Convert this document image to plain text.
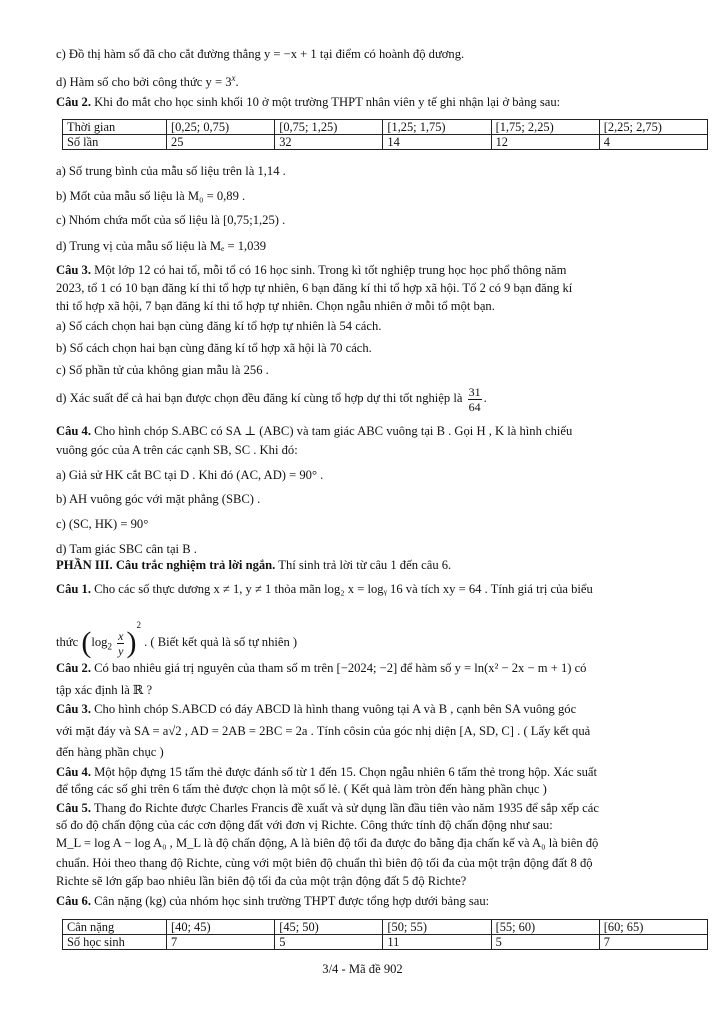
c) Đồ thị hàm số đã cho cắt đường thẳng y = −x + 1 tại điểm có hoành độ dương.
d) Hàm số cho bởi công thức $y = 3^x$.
Câu 2. Khi đo mắt cho học sinh khối 10 ở một trường THPT nhân viên y tế ghi nhận lại ở bảng sau:
Thời gian	[0,25; 0,75)	[0,75; 1,25)	[1,25; 1,75)	[1,75; 2,25)	[2,25; 2,75)
Số lần	25	32	14	12	4
a) Số trung bình của mẫu số liệu trên là 1,14 .
b) Mốt của mẫu số liệu là M₀ = 0,89 .
c) Nhóm chứa mốt của số liệu là [0,75;1,25) .
d) Trung vị của mẫu số liệu là Mₑ = 1,039
Câu 3. Một lớp 12 có hai tổ, mỗi tổ có 16 học sinh. Trong kì tốt nghiệp trung học học phổ thông năm
2023, tổ 1 có 10 bạn đăng kí thi tổ hợp tự nhiên, 6 bạn đăng kí thi tổ hợp xã hội. Tổ 2 có 9 bạn đăng kí
thi tổ hợp xã hội, 7 bạn đăng kí thi tổ hợp tự nhiên. Chọn ngẫu nhiên ở mỗi tổ một bạn.
a) Số cách chọn hai bạn cùng đăng kí tổ hợp tự nhiên là 54 cách.
b) Số cách chọn hai bạn cùng đăng kí tổ hợp xã hội là 70 cách.
c) Số phần tử của không gian mẫu là 256 .
d) Xác suất để cả hai bạn được chọn đều đăng kí cùng tổ hợp dự thi tốt nghiệp là $\frac{31}{64}$ .
Câu 4. Cho hình chóp S.ABC có SA ⊥ (ABC) và tam giác ABC vuông tại B . Gọi H , K là hình chiếu
vuông góc của A trên các cạnh SB, SC . Khi đó:
a) Giả sử HK cắt BC tại D . Khi đó (AC, AD) = 90° .
b) AH vuông góc với mặt phẳng (SBC) .
c) (SC, HK) = 90°
d) Tam giác SBC cân tại B .
PHẦN III. Câu trắc nghiệm trả lời ngắn. Thí sinh trả lời từ câu 1 đến câu 6.
Câu 1. Cho các số thực dương x ≠ 1, y ≠ 1 thỏa mãn log₂ x = logᵧ 16 và tích xy = 64 . Tính giá trị của biểu
thức $(\log_2 \frac{x}{y} )^2$ . ( Biết kết quả là số tự nhiên )
Câu 2. Có bao nhiêu giá trị nguyên của tham số m trên [−2024; −2] để hàm số y = ln(x² − 2x − m + 1) có
tập xác định là ℝ ?
Câu 3. Cho hình chóp S.ABCD có đáy ABCD là hình thang vuông tại A và B , cạnh bên SA vuông góc
với mặt đáy và SA = a√2 , AD = 2AB = 2BC = 2a . Tính côsin của góc nhị diện [A, SD, C] . ( Lấy kết quả
đến hàng phần chục )
Câu 4. Một hộp đựng 15 tấm thẻ được đánh số từ 1 đến 15. Chọn ngẫu nhiên 6 tấm thẻ trong hộp. Xác suất
để tổng các số ghi trên 6 tấm thẻ được chọn là một số lẻ. ( Kết quả làm tròn đến hàng phần chục )
Câu 5. Thang đo Richte được Charles Francis đề xuất và sử dụng lần đầu tiên vào năm 1935 để sắp xếp các
số đo độ chấn động của các cơn động đất với đơn vị Richte. Công thức tính độ chấn động như sau:
M_L = log A − log A₀ , M_L là độ chấn động, A là biên độ tối đa được đo bằng địa chấn kế và A₀ là biên độ
chuẩn. Hỏi theo thang độ Richte, cùng với một biên độ chuẩn thì biên độ tối đa của một trận động đất 8 độ
Richte sẽ lớn gấp bao nhiêu lần biên độ tối đa của một trận động đất 5 độ Richte?
Câu 6. Cân nặng (kg) của nhóm học sinh trường THPT được tổng hợp dưới bảng sau:
Cân nặng	[40; 45)	[45; 50)	[50; 55)	[55; 60)	[60; 65)
Số học sinh	7	5	11	5	7
3/4 - Mã đề 902
